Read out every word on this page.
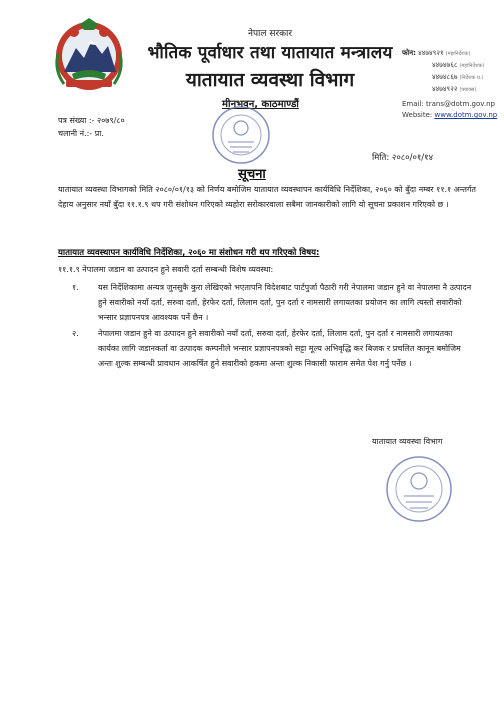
नेपाल सरकार
भौतिक पूर्वाधार तथा यातायात मन्त्रालय
यातायात व्यवस्था विभाग
मीनभवन, काठमाण्डौं
फोन: ४४७४९२१ (महानिर्देशक)
४४७४७६८ (महानिर्देशक)
४४७४८६७ (निर्देशक प्र.)
४४७४९२२ (फ्याक्स)
Email: trans@dotm.gov.np
Website: www.dotm.gov.np
पत्र संख्या :- २०७९/८०
चलानी नं.:- प्रा.
मिति: २०८०/०१/१४
सूचना
यातायात व्यवस्था विभागको मिति २०८०/०१/१३ को निर्णय बमोजिम यातायात व्यवस्थापन कार्यविधि निर्देशिका, २०६० को बुँदा नम्बर ११.१ अन्तर्गत देहाय अनुसार नयाँ बुँदा ११.१.९ थप गरी संशोधन गरिएको व्यहोरा सरोकारवाला सबैमा जानकारीको लागि यो सूचना प्रकाशन गरिएको छ ।
यातायात व्यवस्थापन कार्यविधि निर्देशिका, २०६० मा संशोधन गरी थप गरिएको विषय:
११.१.९ नेपालमा जडान वा उत्पादन हुने सवारी दर्ता सम्बन्धी विशेष व्यवस्था:
१. यस निर्देशिकामा अन्यत्र जुनसुकै कुरा लेखिएको भएतापनि विदेशबाट पार्टपुर्जा पैठारी गरी नेपालमा जडान हुने वा नेपालमा नै उत्पादन हुने सवारीको नयाँ दर्ता, सरुवा दर्ता, हेरफेर दर्ता, लिलाम दर्ता, पुन दर्ता र नामसारी लगायतका प्रयोजन का लागि त्यस्तो सवारीको भन्सार प्रज्ञापनपत्र आवश्यक पर्ने छैन ।
२. नेपालमा जडान हुने वा उत्पादन हुने सवारीको नयाँ दर्ता, सरुवा दर्ता, हेरफेर दर्ता, लिलाम दर्ता, पुन दर्ता र नामसारी लगायतका कार्यका लागि जडानकर्ता वा उत्पादक कम्पनीले भन्सार प्रज्ञापनपत्रको सट्टा मूल्य अभिवृद्धि कर बिजक र प्रचलित कानून बमोजिम अन्तः शुल्क सम्बन्धी प्रावधान आकर्षित हुने सवारीको हकमा अन्तः शुल्क निकासी फाराम समेत पेश गर्नु पर्नेछ ।
यातायात व्यवस्था विभाग
